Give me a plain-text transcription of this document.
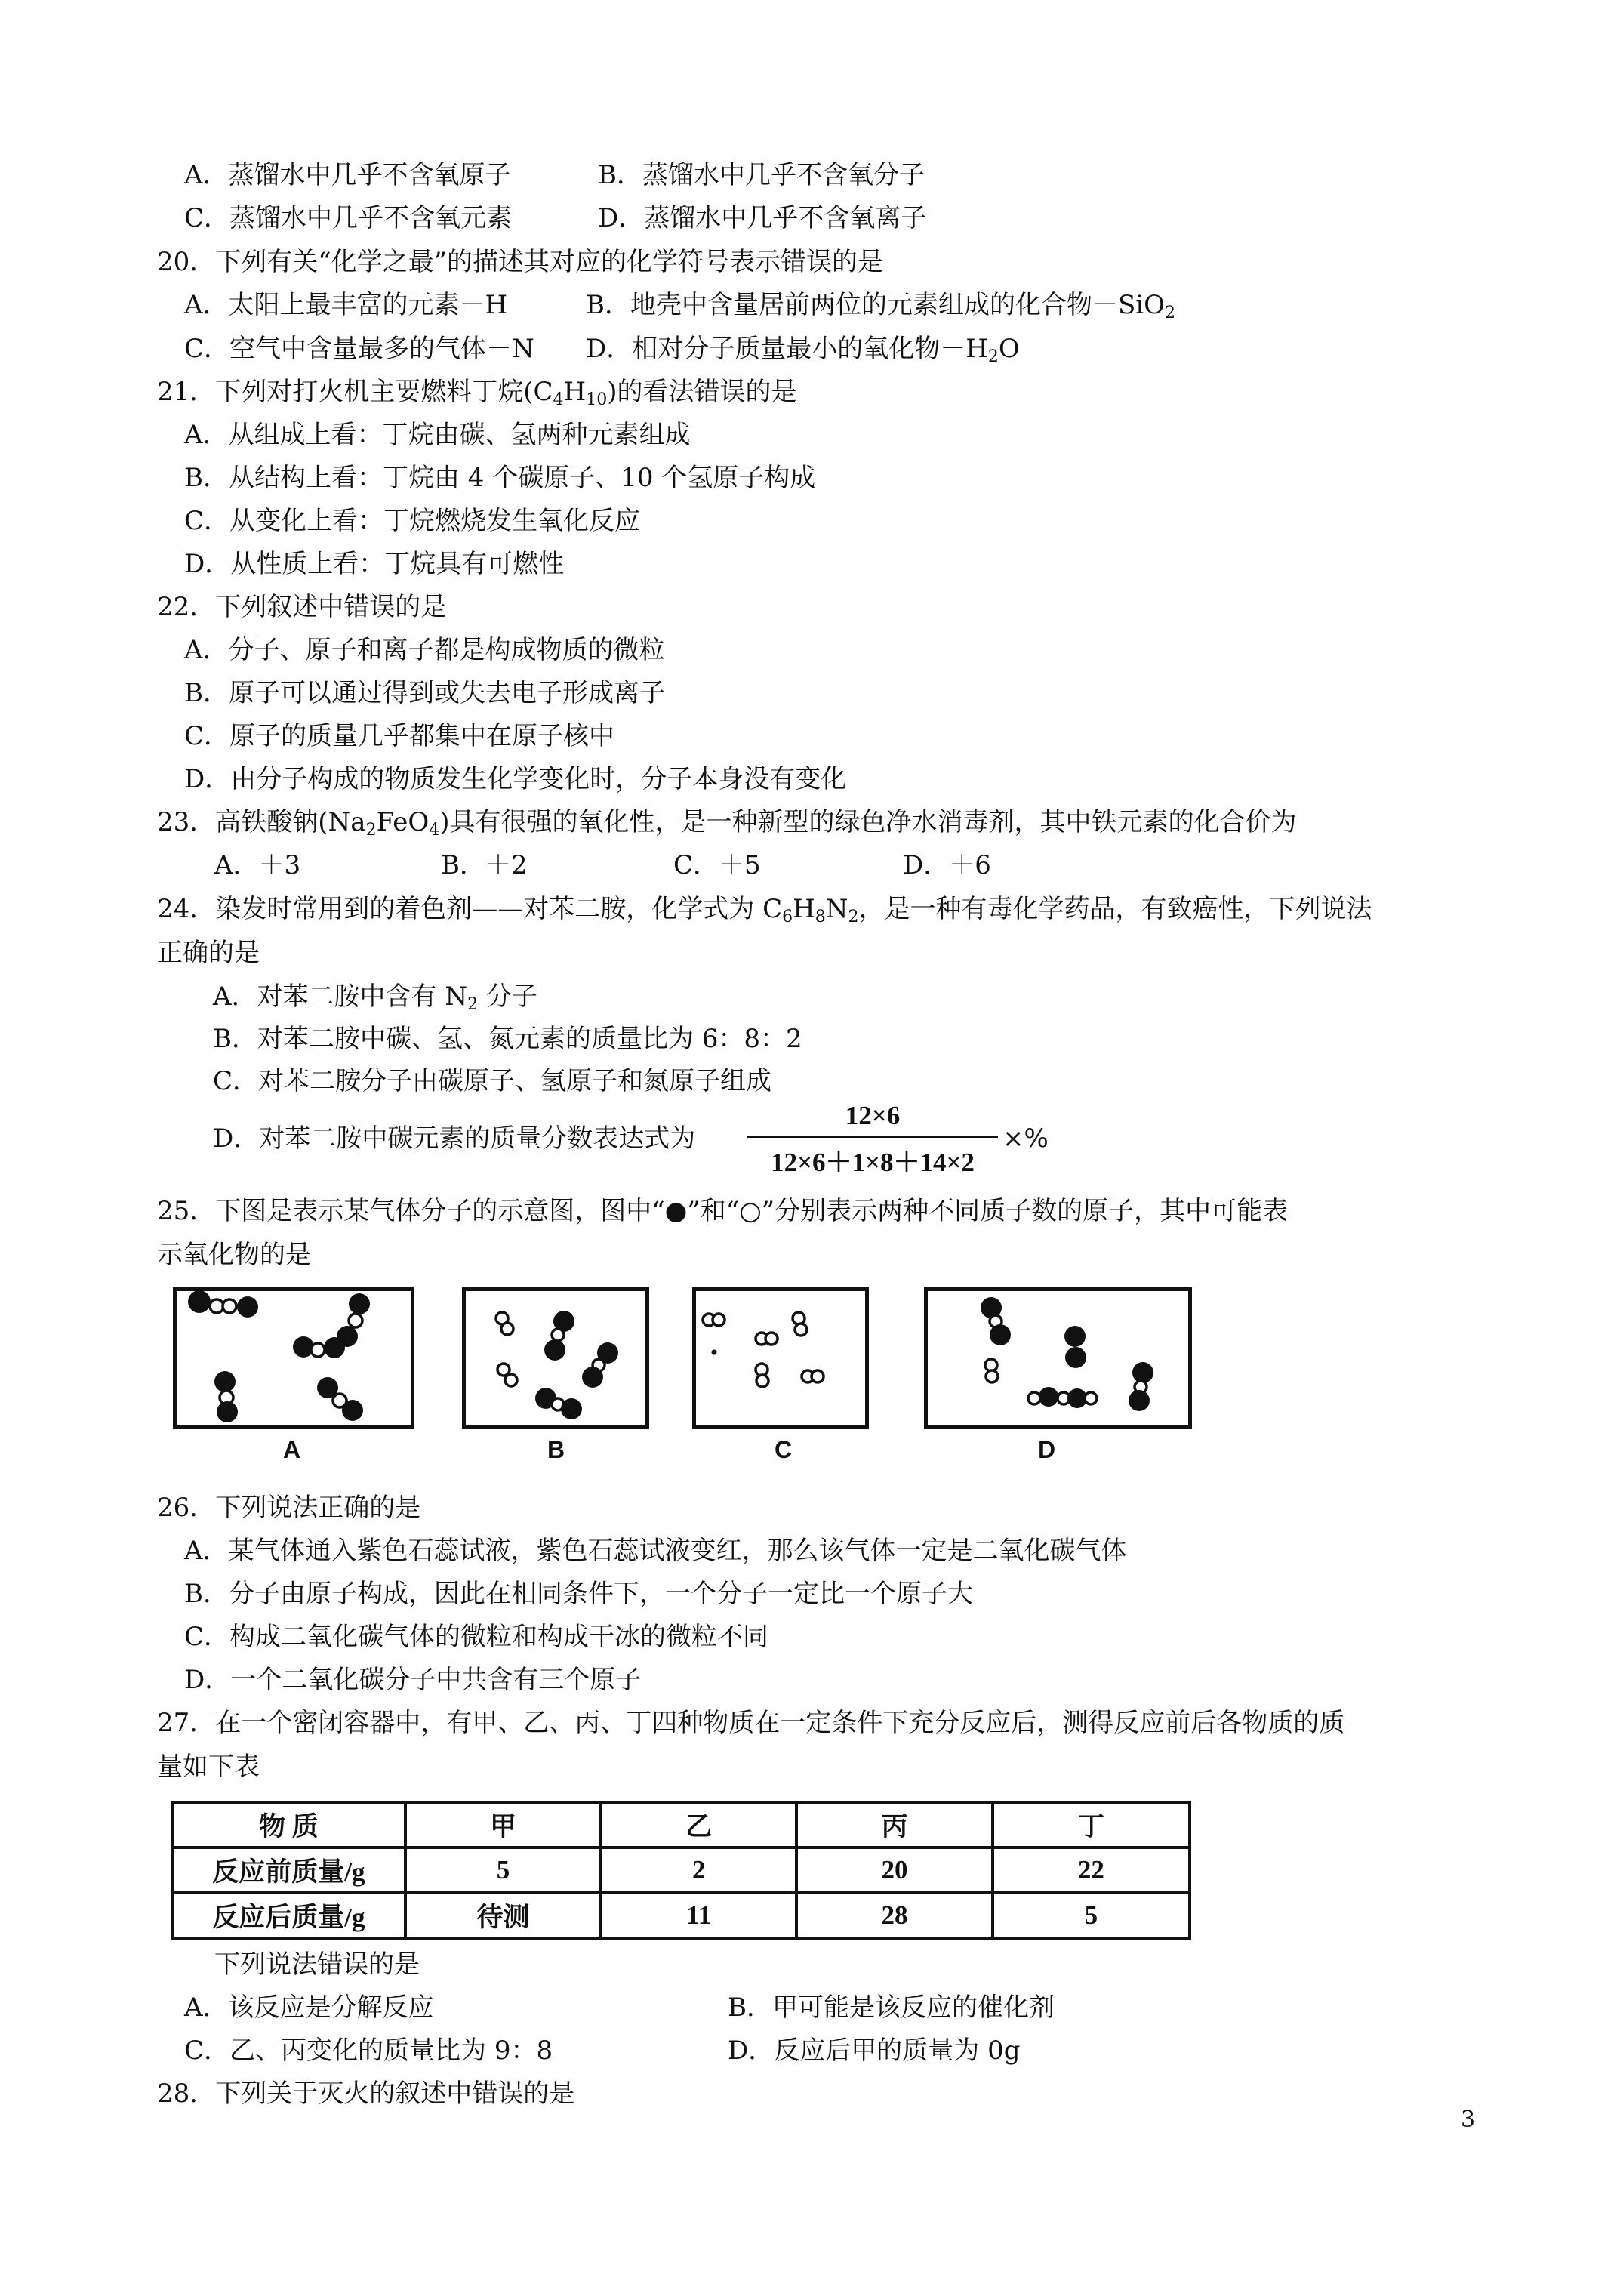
A．蒸馏水中几乎不含氧原子	B．蒸馏水中几乎不含氧分子
C．蒸馏水中几乎不含氧元素	D．蒸馏水中几乎不含氧离子
20．下列有关“化学之最”的描述其对应的化学符号表示错误的是
A．太阳上最丰富的元素－H	B．地壳中含量居前两位的元素组成的化合物－SiO$_2$
C．空气中含量最多的气体－N D．相对分子质量最小的氧化物$-H_2O$
21．下列对打火机主要燃料丁烷$(C_4H_{10})$的看法错误的是
A．从组成上看：丁烷由碳、氢两种元素组成
B．从结构上看：丁烷由 4 个碳原子、10 个氢原子构成
C．从变化上看：丁烷燃烧发生氧化反应
D．从性质上看：丁烷具有可燃性
22．下列叙述中错误的是
A．分子、原子和离子都是构成物质的微粒
B．原子可以通过得到或失去电子形成离子
C．原子的质量几乎都集中在原子核中
D．由分子构成的物质发生化学变化时，分子本身没有变化
23．高铁酸钠$(Na_2FeO_4)$具有很强的氧化性，是一种新型的绿色净水消毒剂，其中铁元素的化合价为
A．＋3	B．＋2	C．＋5	D．＋6
24．染发时常用到的着色剂——对苯二胺，化学式为 $C_6H_8N_2$，是一种有毒化学药品，有致癌性，下列说法
正确的是
A．对苯二胺中含有 $N_2$ 分子
B．对苯二胺中碳、氢、氮元素的质量比为 6：8：2
C．对苯二胺分子由碳原子、氢原子和氮原子组成
D．对苯二胺中碳元素的质量分数表达式为
12×6
12×6＋1×8＋14×2
×%
25．下图是表示某气体分子的示意图，图中“●”和“○”分别表示两种不同质子数的原子，其中可能表
示氧化物的是
A	B	C	D
26．下列说法正确的是
A．某气体通入紫色石蕊试液，紫色石蕊试液变红，那么该气体一定是二氧化碳气体
B．分子由原子构成，因此在相同条件下，一个分子一定比一个原子大
C．构成二氧化碳气体的微粒和构成干冰的微粒不同
D．一个二氧化碳分子中共含有三个原子
27．在一个密闭容器中，有甲、乙、丙、丁四种物质在一定条件下充分反应后，测得反应前后各物质的质
量如下表
物 质	甲	乙	丙	丁
反应前质量/g	5	2	20	22
反应后质量/g	待测	11	28	5
下列说法错误的是
A．该反应是分解反应	B．甲可能是该反应的催化剂
C．乙、丙变化的质量比为 9：8	D．反应后甲的质量为 0g
28．下列关于灭火的叙述中错误的是
3
